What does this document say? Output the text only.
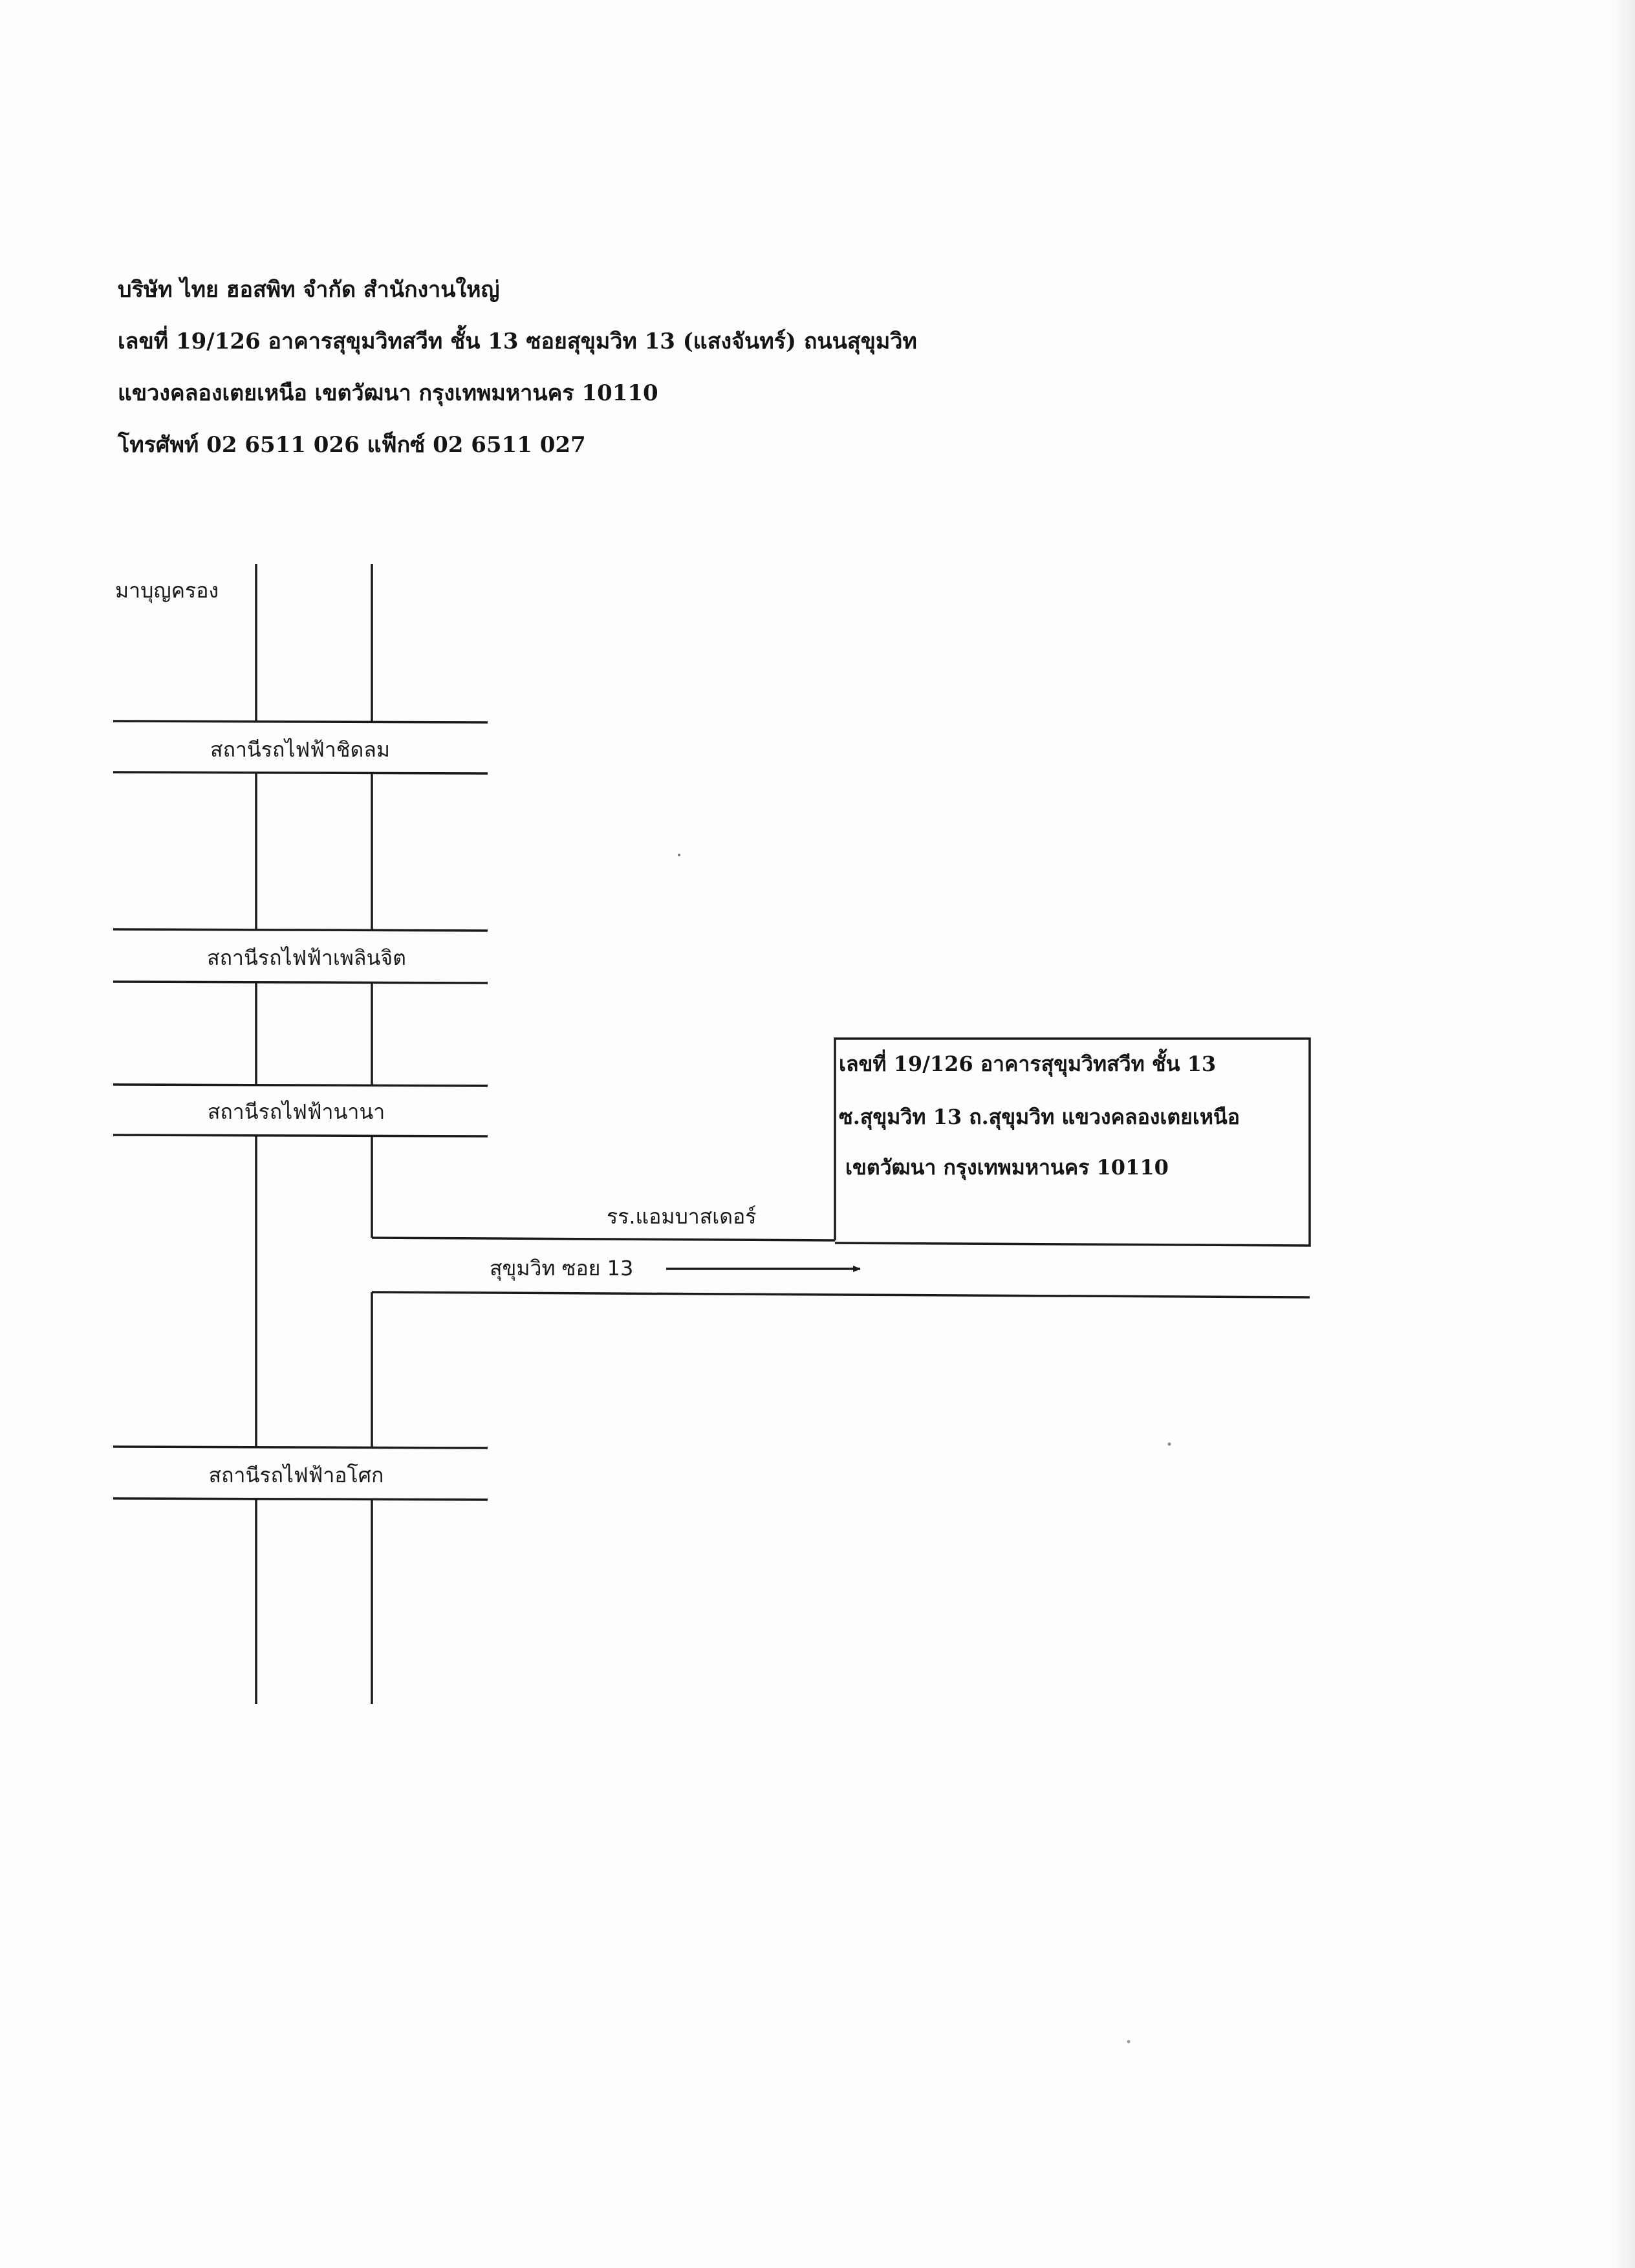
บริษัท ไทย ฮอสพิท จำกัด สำนักงานใหญ่
เลขที่ 19/126 อาคารสุขุมวิทสวีท ชั้น 13 ซอยสุขุมวิท 13 (แสงจันทร์) ถนนสุขุมวิท
แขวงคลองเตยเหนือ เขตวัฒนา กรุงเทพมหานคร 10110
โทรศัพท์ 02 6511 026 แฟ็กซ์ 02 6511 027
มาบุญครอง
สถานีรถไฟฟ้าชิดลม
สถานีรถไฟฟ้าเพลินจิต
สถานีรถไฟฟ้านานา
สถานีรถไฟฟ้าอโศก
รร.แอมบาสเดอร์
สุขุมวิท ซอย 13
เลขที่ 19/126 อาคารสุขุมวิทสวีท ชั้น 13
ซ.สุขุมวิท 13 ถ.สุขุมวิท แขวงคลองเตยเหนือ
เขตวัฒนา กรุงเทพมหานคร 10110
